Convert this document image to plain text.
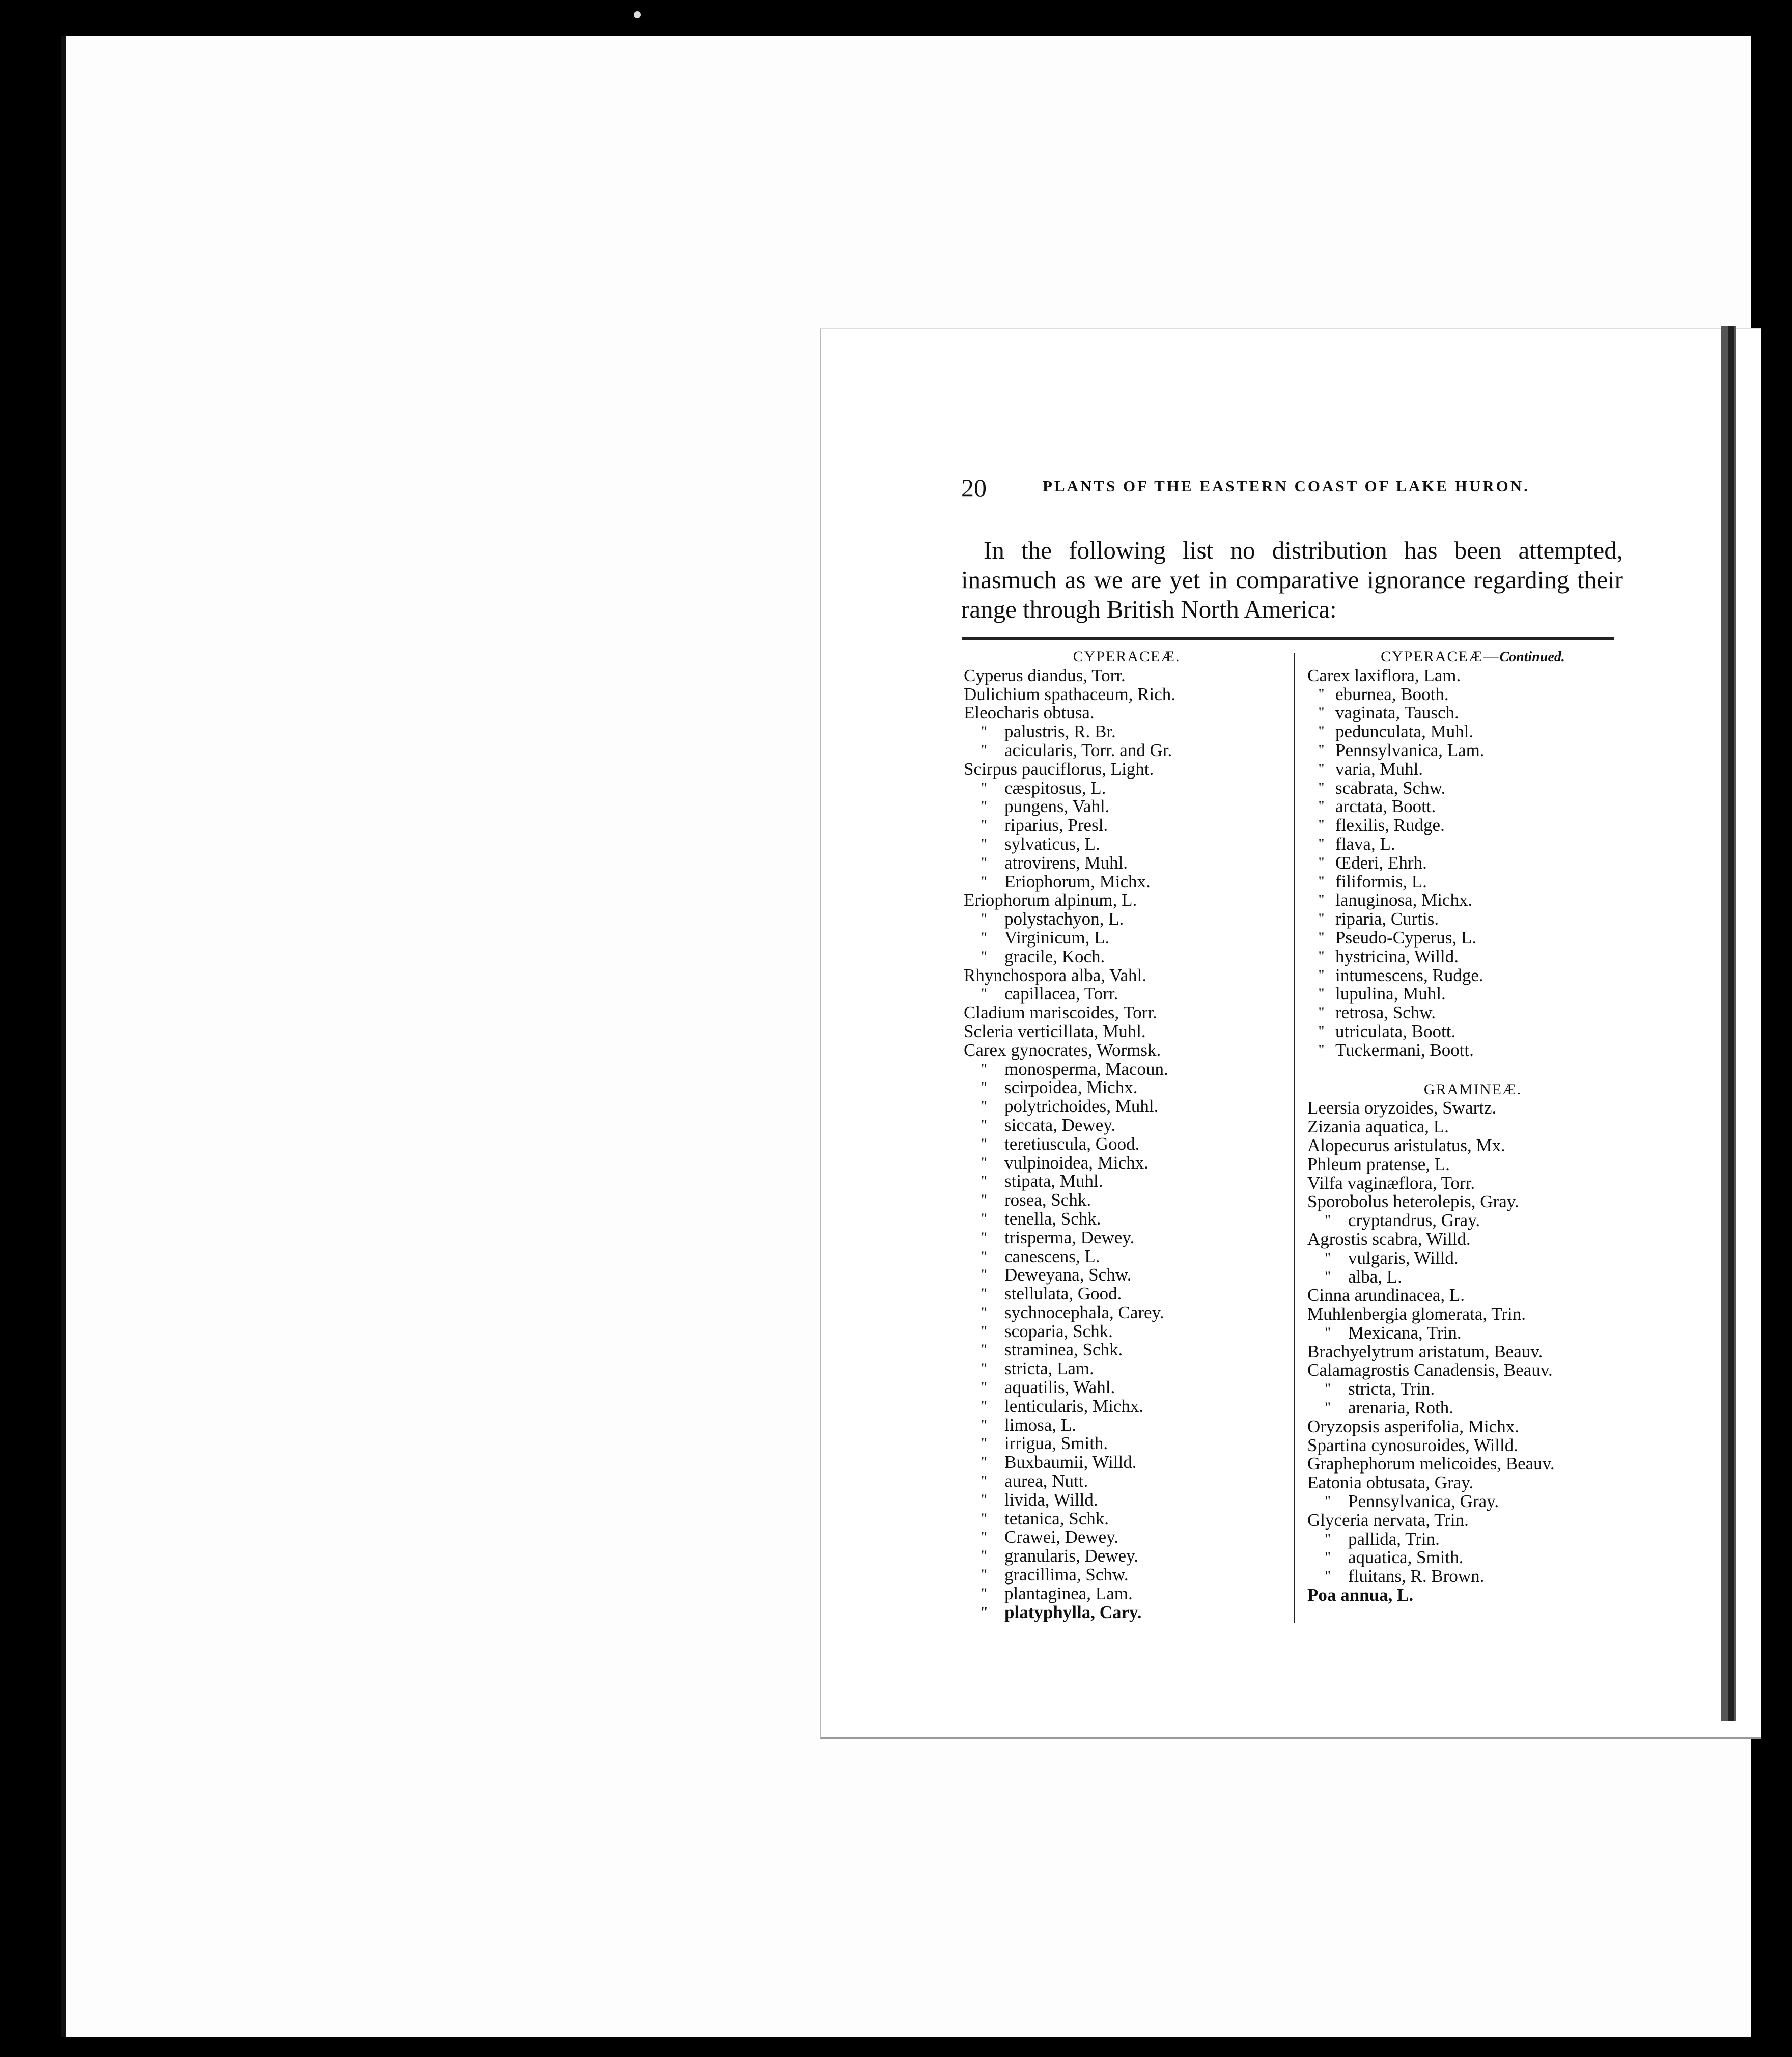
20	PLANTS OF THE EASTERN COAST OF LAKE HURON.
In the following list no distribution has been attempted, inasmuch as we are yet in comparative ignorance regarding their range through British North America:
CYPERACEÆ.
Cyperus
diandus, Torr.
Dulichium
spathaceum, Rich.
Eleocharis
obtusa.
" palustris, R. Br.
" acicularis, Torr. and Gr.
Scirpus
pauciflorus, Light.
" cæspitosus, L.
" pungens, Vahl.
" riparius, Presl.
" sylvaticus, L.
" atrovirens, Muhl.
" Eriophorum, Michx.
Eriophorum
alpinum, L.
" polystachyon, L.
" Virginicum, L.
" gracile, Koch.
Rhynchospora
alba, Vahl.
" capillacea, Torr.
Cladium
mariscoides, Torr.
Scleria
verticillata, Muhl.
Carex
gynocrates, Wormsk.
" monosperma, Macoun.
" scirpoidea, Michx.
" polytrichoides, Muhl.
" siccata, Dewey.
" teretiuscula, Good.
" vulpinoidea, Michx.
" stipata, Muhl.
" rosea, Schk.
" tenella, Schk.
" trisperma, Dewey.
" canescens, L.
" Deweyana, Schw.
" stellulata, Good.
" sychnocephala, Carey.
" scoparia, Schk.
" straminea, Schk.
" stricta, Lam.
" aquatilis, Wahl.
" lenticularis, Michx.
" limosa, L.
" irrigua, Smith.
" Buxbaumii, Willd.
" aurea, Nutt.
" livida, Willd.
" tetanica, Schk.
" Crawei, Dewey.
" granularis, Dewey.
" gracillima, Schw.
" plantaginea, Lam.
" platyphylla, Cary.
CYPERACEÆ—Continued.
Carex
laxiflora, Lam.
" eburnea, Booth.
" vaginata, Tausch.
" pedunculata, Muhl.
" Pennsylvanica, Lam.
" varia, Muhl.
" scabrata, Schw.
" arctata, Boott.
" flexilis, Rudge.
" flava, L.
" Œderi, Ehrh.
" filiformis, L.
" lanuginosa, Michx.
" riparia, Curtis.
" Pseudo-Cyperus, L.
" hystricina, Willd.
" intumescens, Rudge.
" lupulina, Muhl.
" retrosa, Schw.
" utriculata, Boott.
" Tuckermani, Boott.
GRAMINEÆ.
Leersia
oryzoides, Swartz.
Zizania
aquatica, L.
Alopecurus
aristulatus, Mx.
Phleum
pratense, L.
Vilfa
vaginæflora, Torr.
Sporobolus
heterolepis, Gray.
" cryptandrus, Gray.
Agrostis
scabra, Willd.
" vulgaris, Willd.
" alba, L.
Cinna
arundinacea, L.
Muhlenbergia
glomerata, Trin.
" Mexicana, Trin.
Brachyelytrum
aristatum, Beauv.
Calamagrostis
Canadensis, Beauv.
" stricta, Trin.
" arenaria, Roth.
Oryzopsis
asperifolia, Michx.
Spartina
cynosuroides, Willd.
Graphephorum
melicoides, Beauv.
Eatonia
obtusata, Gray.
" Pennsylvanica, Gray.
Glyceria
nervata, Trin.
" pallida, Trin.
" aquatica, Smith.
" fluitans, R. Brown.
Poa
annua, L.
